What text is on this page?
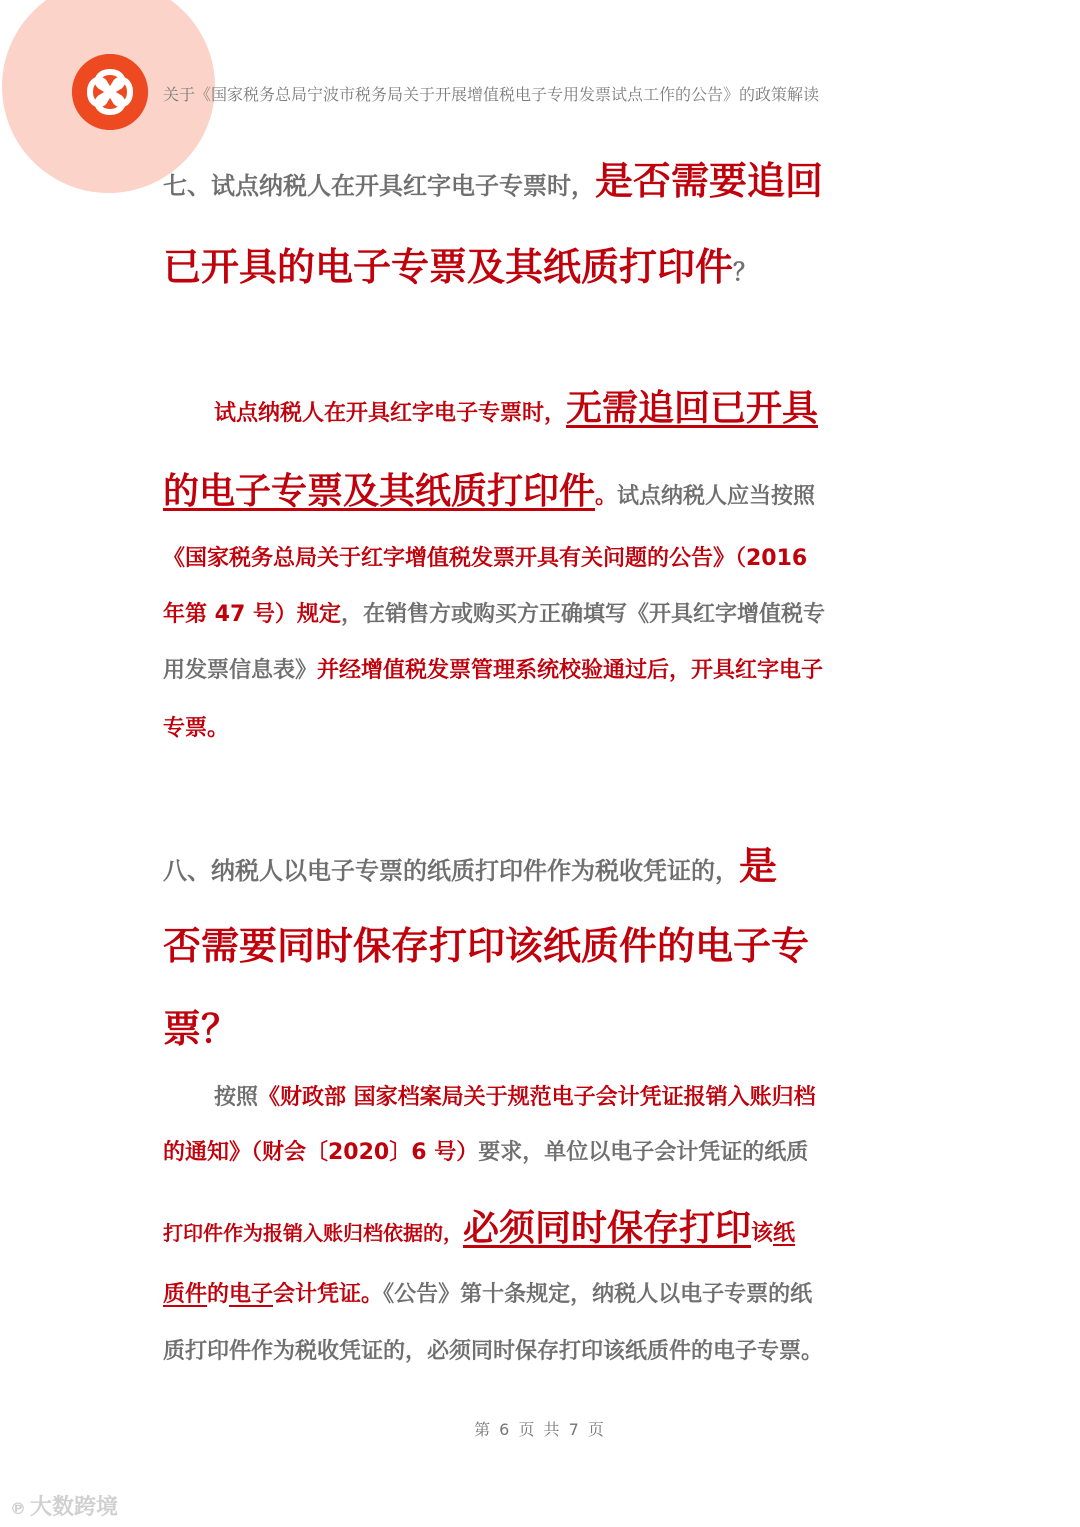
关于《国家税务总局宁波市税务局关于开展增值税电子专用发票试点工作的公告》的政策解读
七、试点纳税人在开具红字电子专票时，是否需要追回
已开具的电子专票及其纸质打印件？
试点纳税人在开具红字电子专票时，无需追回已开具
的电子专票及其纸质打印件。试点纳税人应当按照
《国家税务总局关于红字增值税发票开具有关问题的公告》（2016
年第 47 号）规定，在销售方或购买方正确填写《开具红字增值税专
用发票信息表》并经增值税发票管理系统校验通过后，开具红字电子
专票。
八、纳税人以电子专票的纸质打印件作为税收凭证的，是
否需要同时保存打印该纸质件的电子专
票？
按照《财政部 国家档案局关于规范电子会计凭证报销入账归档
的通知》（财会〔2020〕6 号）要求，单位以电子会计凭证的纸质
打印件作为报销入账归档依据的，必须同时保存打印该纸
质件的电子会计凭证。《公告》第十条规定，纳税人以电子专票的纸
质打印件作为税收凭证的，必须同时保存打印该纸质件的电子专票。
第 6 页 共 7 页
℗ 大数跨境
